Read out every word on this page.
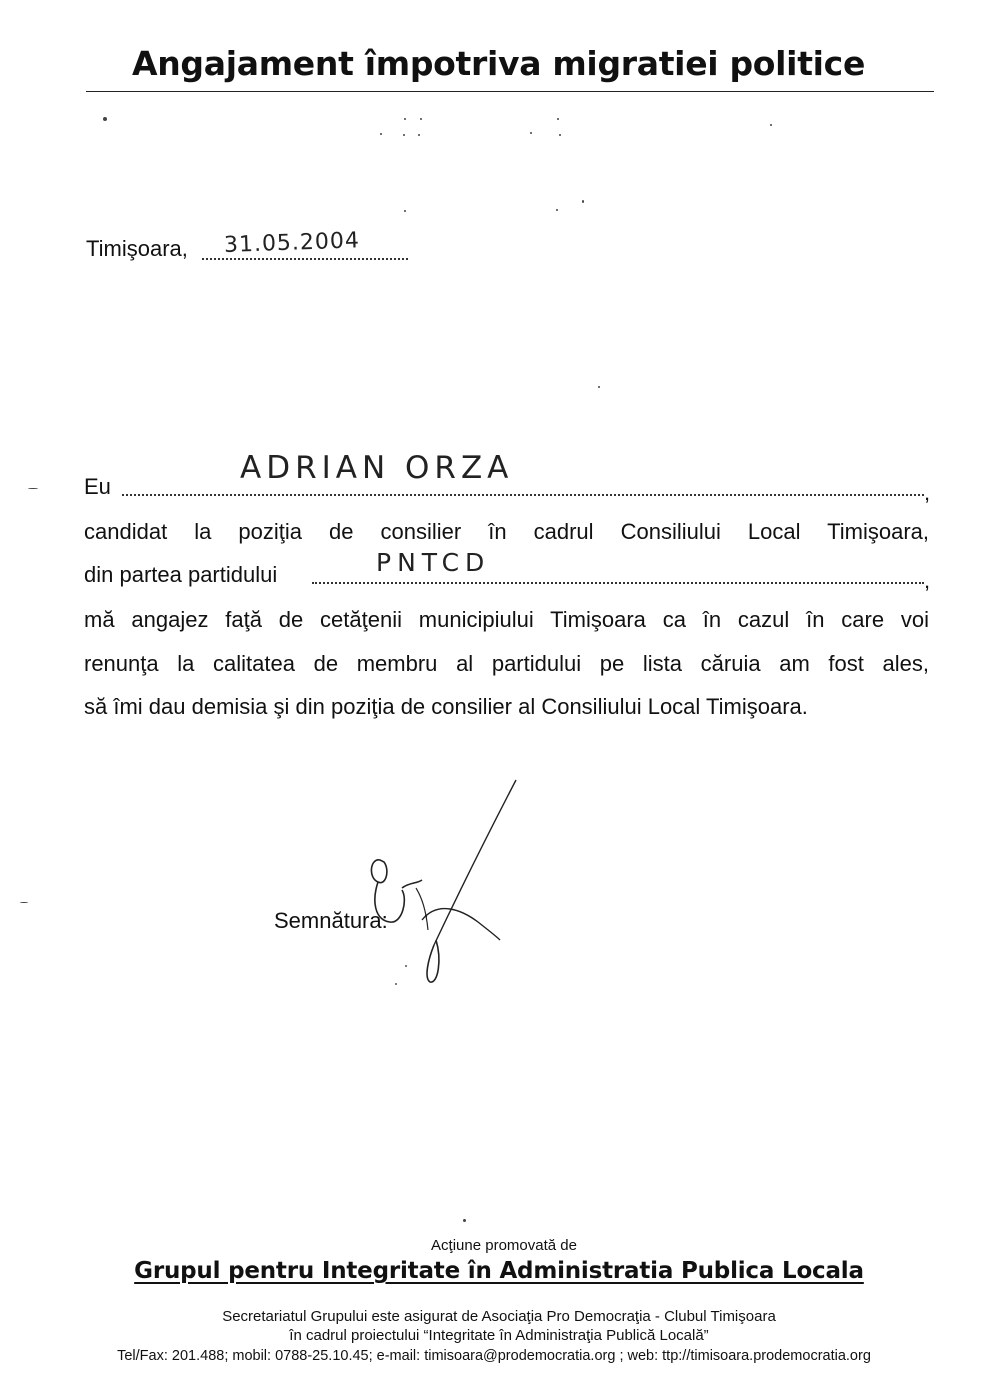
Angajament împotriva migratiei politice
Timişoara, 31.05.2004
Eu	,
ADRIAN ORZA
candidat la poziţia de consilier în cadrul Consiliului Local Timişoara,
din partea partidului	,
PNTCD
mă angajez faţă de cetăţenii municipiului Timişoara ca în cazul în care voi
renunţa la calitatea de membru al partidului pe lista căruia am fost ales,
să îmi dau demisia şi din poziţia de consilier al Consiliului Local Timişoara.
Semnătura:
Acţiune promovată de
Grupul pentru Integritate în Administratia Publica Locala
Secretariatul Grupului este asigurat de Asociaţia Pro Democraţia - Clubul Timişoara
în cadrul proiectului “Integritate în Administraţia Publică Locală”
Tel/Fax: 201.488; mobil: 0788-25.10.45; e-mail: timisoara@prodemocratia.org ; web: ttp://timisoara.prodemocratia.org
